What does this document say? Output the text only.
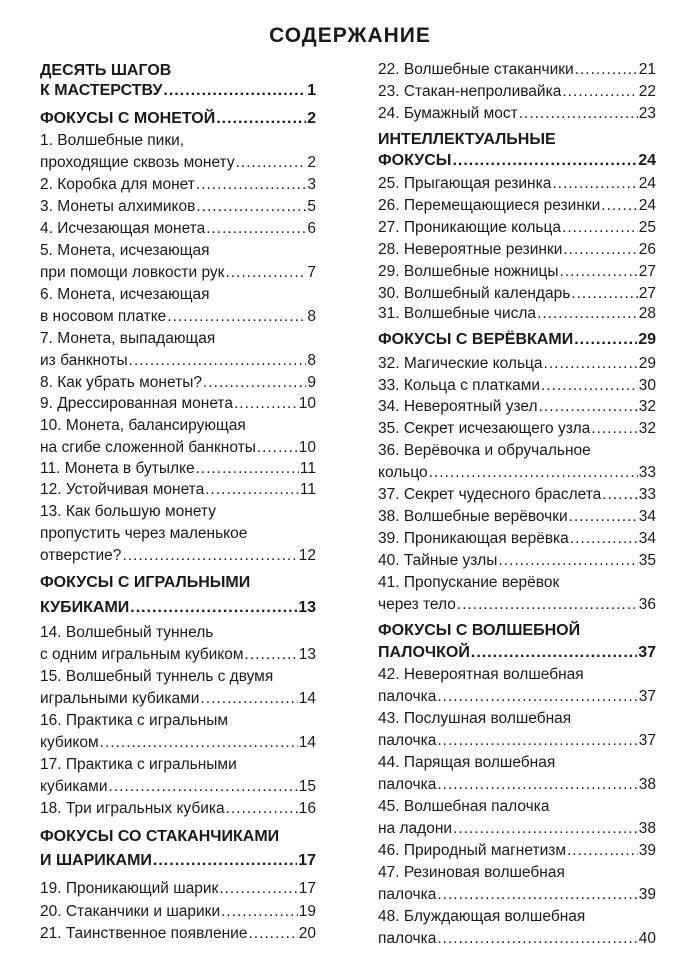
СОДЕРЖАНИЕ
ДЕСЯТЬ ШАГОВ
К МАСТЕРСТВУ .....	1
ФОКУСЫ С МОНЕТОЙ .....	2
1. Волшебные пики,
проходящие сквозь монету .....	2
2. Коробка для монет .....	3
3. Монеты алхимиков .....	5
4. Исчезающая монета .....	6
5. Монета, исчезающая
при помощи ловкости рук .....	7
6. Монета, исчезающая
в носовом платке .....	8
7. Монета, выпадающая
из банкноты .....	8
8. Как убрать монеты? .....	9
9. Дрессированная монета .....	10
10. Монета, балансирующая
на сгибе сложенной банкноты .....	10
11. Монета в бутылке .....	11
12. Устойчивая монета .....	11
13. Как большую монету
пропустить через маленькое
отверстие? .....	12
ФОКУСЫ С ИГРАЛЬНЫМИ
КУБИКАМИ .....	13
14. Волшебный туннель
с одним игральным кубиком .....	13
15. Волшебный туннель с двумя
игральными кубиками .....	14
16. Практика с игральным
кубиком .....	14
17. Практика с игральными
кубиками .....	15
18. Три игральных кубика .....	16
ФОКУСЫ СО СТАКАНЧИКАМИ
И ШАРИКАМИ .....	17
19. Проникающий шарик .....	17
20. Стаканчики и шарики .....	19
21. Таинственное появление .....	20
22. Волшебные стаканчики .....	21
23. Стакан-непроливайка .....	22
24. Бумажный мост .....	23
ИНТЕЛЛЕКТУАЛЬНЫЕ
ФОКУСЫ .....	24
25. Прыгающая резинка .....	24
26. Перемещающиеся резинки ..... 24
27. Проникающие кольца .....	25
28. Невероятные резинки .....	26
29. Волшебные ножницы .....	27
30. Волшебный календарь .....	27
31. Волшебные числа .....	28
ФОКУСЫ С ВЕРЁВКАМИ .....	29
32. Магические кольца .....	29
33. Кольца с платками .....	30
34. Невероятный узел .....	32
35. Секрет исчезающего узла .....	32
36. Верёвочка и обручальное
кольцо .....	33
37. Секрет чудесного браслета ..... 33
38. Волшебные верёвочки .....	34
39. Проникающая верёвка .....	34
40. Тайные узлы .....	35
41. Пропускание верёвок
через тело .....	36
ФОКУСЫ С ВОЛШЕБНОЙ
ПАЛОЧКОЙ .....	37
42. Невероятная волшебная
палочка .....	37
43. Послушная волшебная
палочка .....	37
44. Парящая волшебная
палочка .....	38
45. Волшебная палочка
на ладони .....	38
46. Природный магнетизм .....	39
47. Резиновая волшебная
палочка .....	39
48. Блуждающая волшебная
палочка .....	40
